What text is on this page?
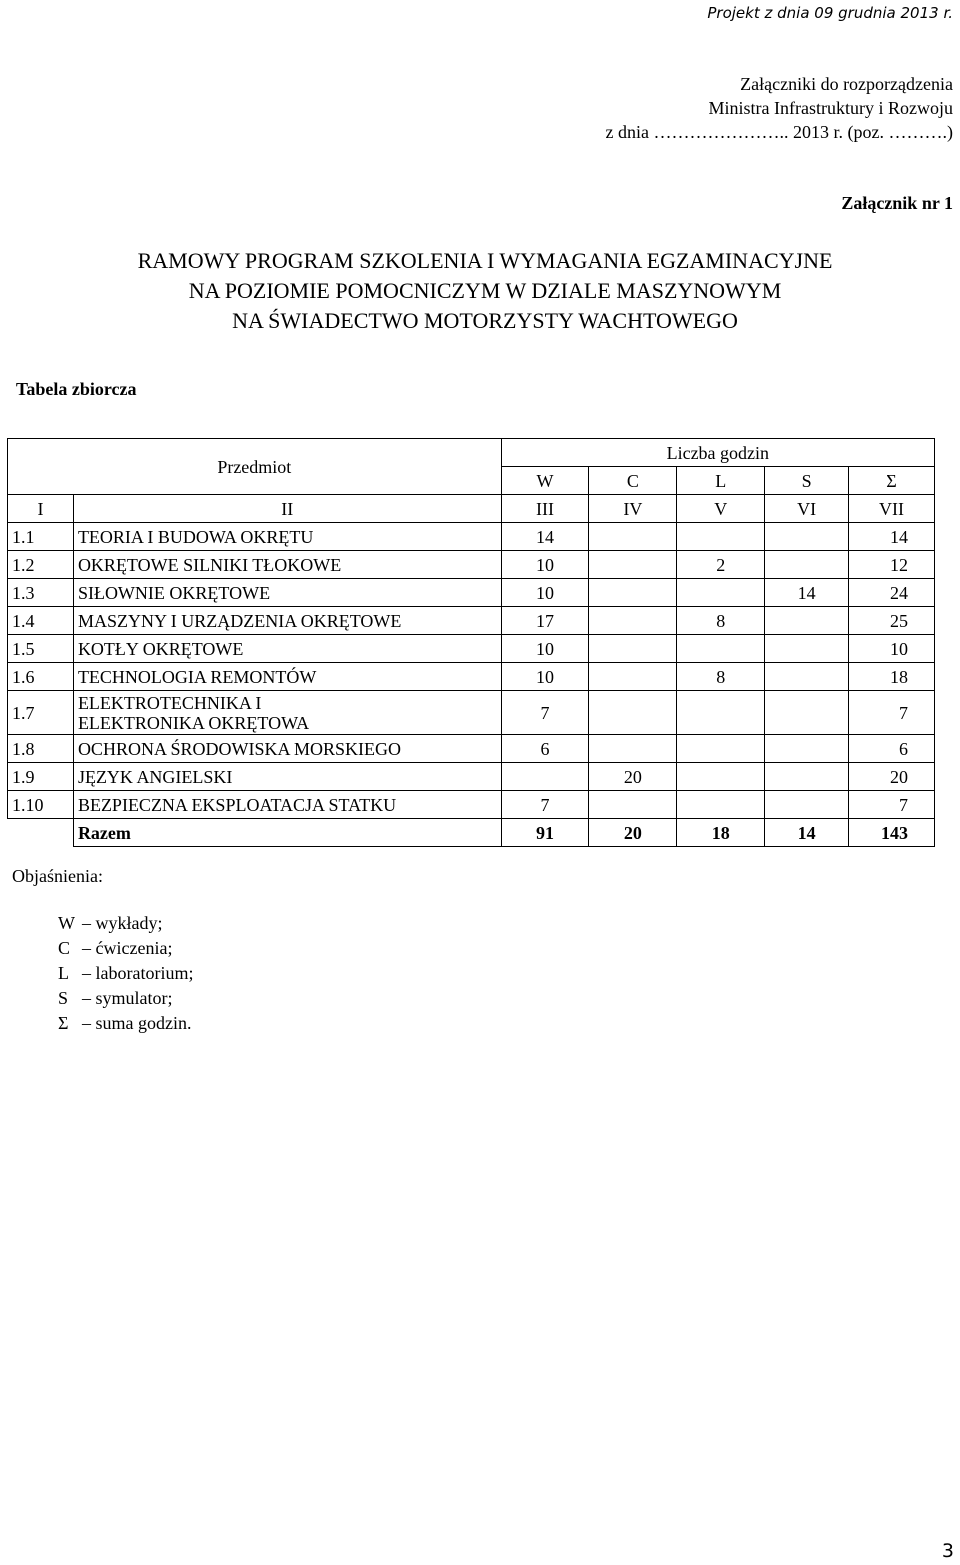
Projekt z dnia 09 grudnia 2013 r.
Załączniki do rozporządzenia
Ministra Infrastruktury i Rozwoju
z dnia ………………….. 2013 r. (poz. ……….)
Załącznik nr 1
RAMOWY PROGRAM SZKOLENIA I WYMAGANIA EGZAMINACYJNE
NA POZIOMIE POMOCNICZYM W DZIALE MASZYNOWYM
NA ŚWIADECTWO MOTORZYSTY WACHTOWEGO
Tabela zbiorcza
Przedmiot		Liczba godzin				
		W	C	L	S	Σ
I	II	III	IV	V	VI	VII
1.1	TEORIA I BUDOWA OKRĘTU	14				14
1.2	OKRĘTOWE SILNIKI TŁOKOWE	10		2		12
1.3	SIŁOWNIE OKRĘTOWE	10			14	24
1.4	MASZYNY I URZĄDZENIA OKRĘTOWE	17		8		25
1.5	KOTŁY OKRĘTOWE	10				10
1.6	TECHNOLOGIA REMONTÓW	10		8		18
1.7	ELEKTROTECHNIKA I ELEKTRONIKA OKRĘTOWA	7				7
1.8	OCHRONA ŚRODOWISKA MORSKIEGO	6				6
1.9	JĘZYK ANGIELSKI		20			20
1.10	BEZPIECZNA EKSPLOATACJA STATKU	7				7
	Razem	91	20	18	14	143
Objaśnienia:
W – wykłady;
C – ćwiczenia;
L – laboratorium;
S – symulator;
Σ – suma godzin.
3
